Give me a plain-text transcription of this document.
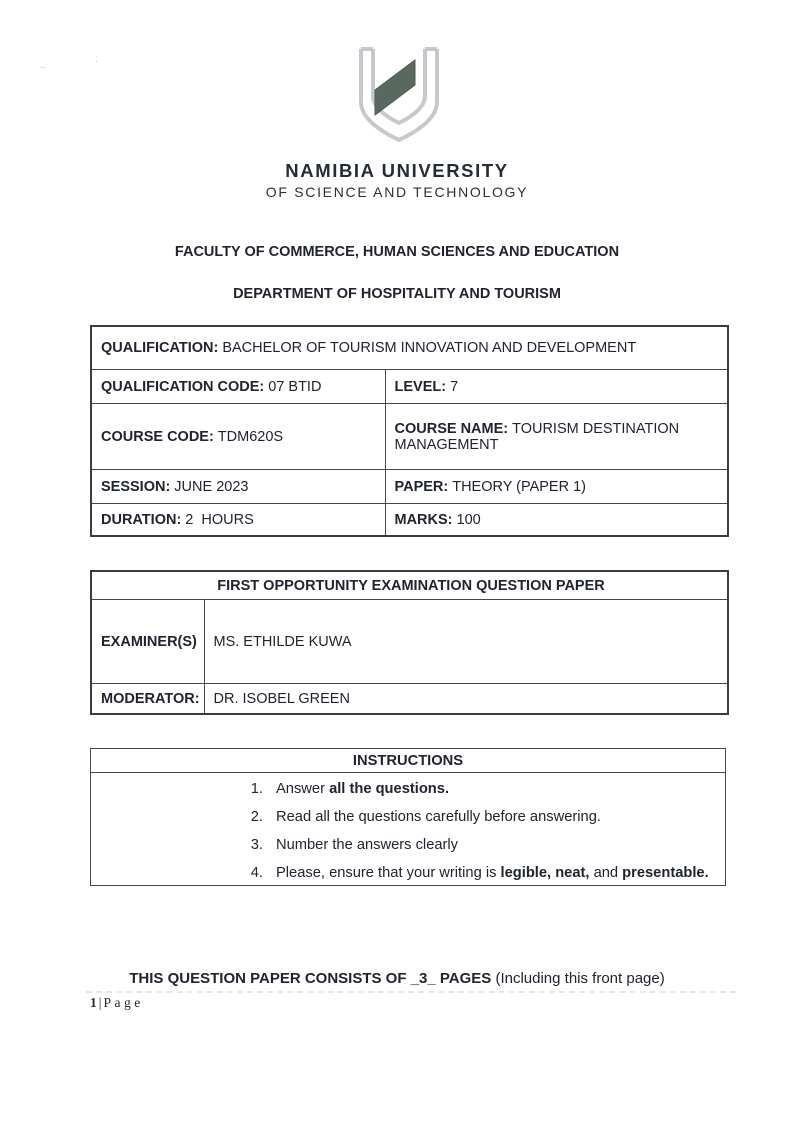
..
:
NAMIBIA UNIVERSITY
OF SCIENCE AND TECHNOLOGY
FACULTY OF COMMERCE, HUMAN SCIENCES AND EDUCATION
DEPARTMENT OF HOSPITALITY AND TOURISM
QUALIFICATION: BACHELOR OF TOURISM INNOVATION AND DEVELOPMENT	
QUALIFICATION CODE: 07 BTID	LEVEL: 7
COURSE CODE: TDM620S	COURSE NAME: TOURISM DESTINATION MANAGEMENT
SESSION: JUNE 2023	PAPER: THEORY (PAPER 1)
DURATION: 2  HOURS	MARKS: 100
FIRST OPPORTUNITY EXAMINATION QUESTION PAPER	
EXAMINER(S)	MS. ETHILDE KUWA
MODERATOR:	DR. ISOBEL GREEN
INSTRUCTIONS
1. Answer all the questions.
2. Read all the questions carefully before answering.
3. Number the answers clearly
4. Please, ensure that your writing is legible, neat, and presentable.
THIS QUESTION PAPER CONSISTS OF _3_ PAGES (Including this front page)
1 | Page
